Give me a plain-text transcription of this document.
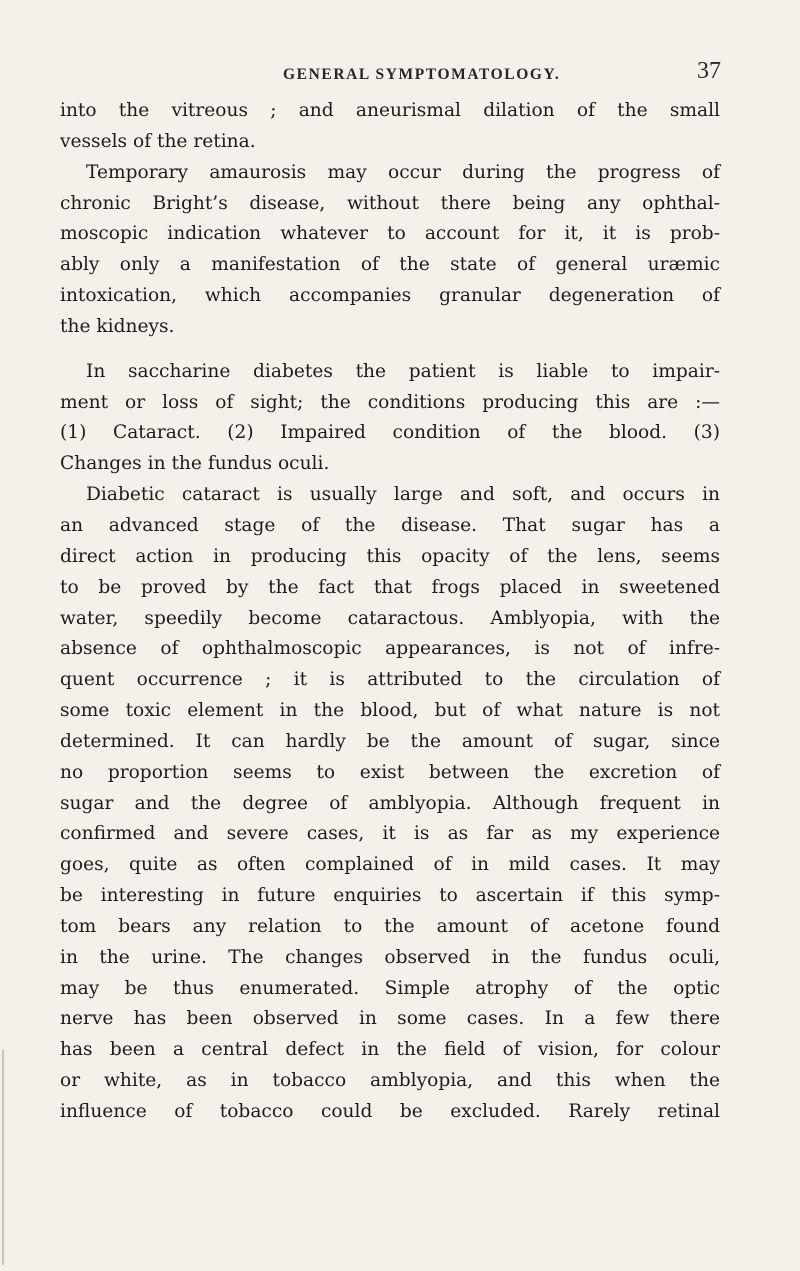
GENERAL SYMPTOMATOLOGY.	37
into the vitreous ; and aneurismal dilation of the small
vessels of the retina.
Temporary amaurosis may occur during the progress of
chronic Bright’s disease, without there being any ophthal-
moscopic indication whatever to account for it, it is prob-
ably only a manifestation of the state of general uræmic
intoxication, which accompanies granular degeneration of
the kidneys.
In saccharine diabetes the patient is liable to impair-
ment or loss of sight; the conditions producing this are :—
(1) Cataract. (2) Impaired condition of the blood. (3)
Changes in the fundus oculi.
Diabetic cataract is usually large and soft, and occurs in
an advanced stage of the disease. That sugar has a
direct action in producing this opacity of the lens, seems
to be proved by the fact that frogs placed in sweetened
water, speedily become cataractous. Amblyopia, with the
absence of ophthalmoscopic appearances, is not of infre-
quent occurrence ; it is attributed to the circulation of
some toxic element in the blood, but of what nature is not
determined. It can hardly be the amount of sugar, since
no proportion seems to exist between the excretion of
sugar and the degree of amblyopia. Although frequent in
confirmed and severe cases, it is as far as my experience
goes, quite as often complained of in mild cases. It may
be interesting in future enquiries to ascertain if this symp-
tom bears any relation to the amount of acetone found
in the urine. The changes observed in the fundus oculi,
may be thus enumerated. Simple atrophy of the optic
nerve has been observed in some cases. In a few there
has been a central defect in the field of vision, for colour
or white, as in tobacco amblyopia, and this when the
influence of tobacco could be excluded. Rarely retinal
